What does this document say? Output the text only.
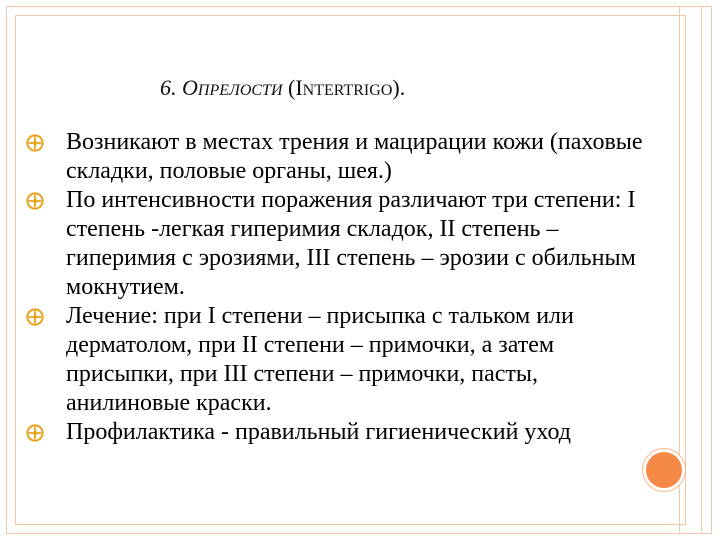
6. ОПРЕЛОСТИ (INTERTRIGO).
Возникают в местах трения и мацирации кожи (паховые складки, половые органы, шея.)
По интенсивности поражения различают три степени: I степень -легкая гиперимия складок, II степень – гиперимия с эрозиями, III степень – эрозии с обильным мокнутием.
Лечение: при I степени – присыпка с тальком или дерматолом, при II степени – примочки, а затем присыпки, при III степени – примочки, пасты, анилиновые краски.
Профилактика - правильный гигиенический уход
